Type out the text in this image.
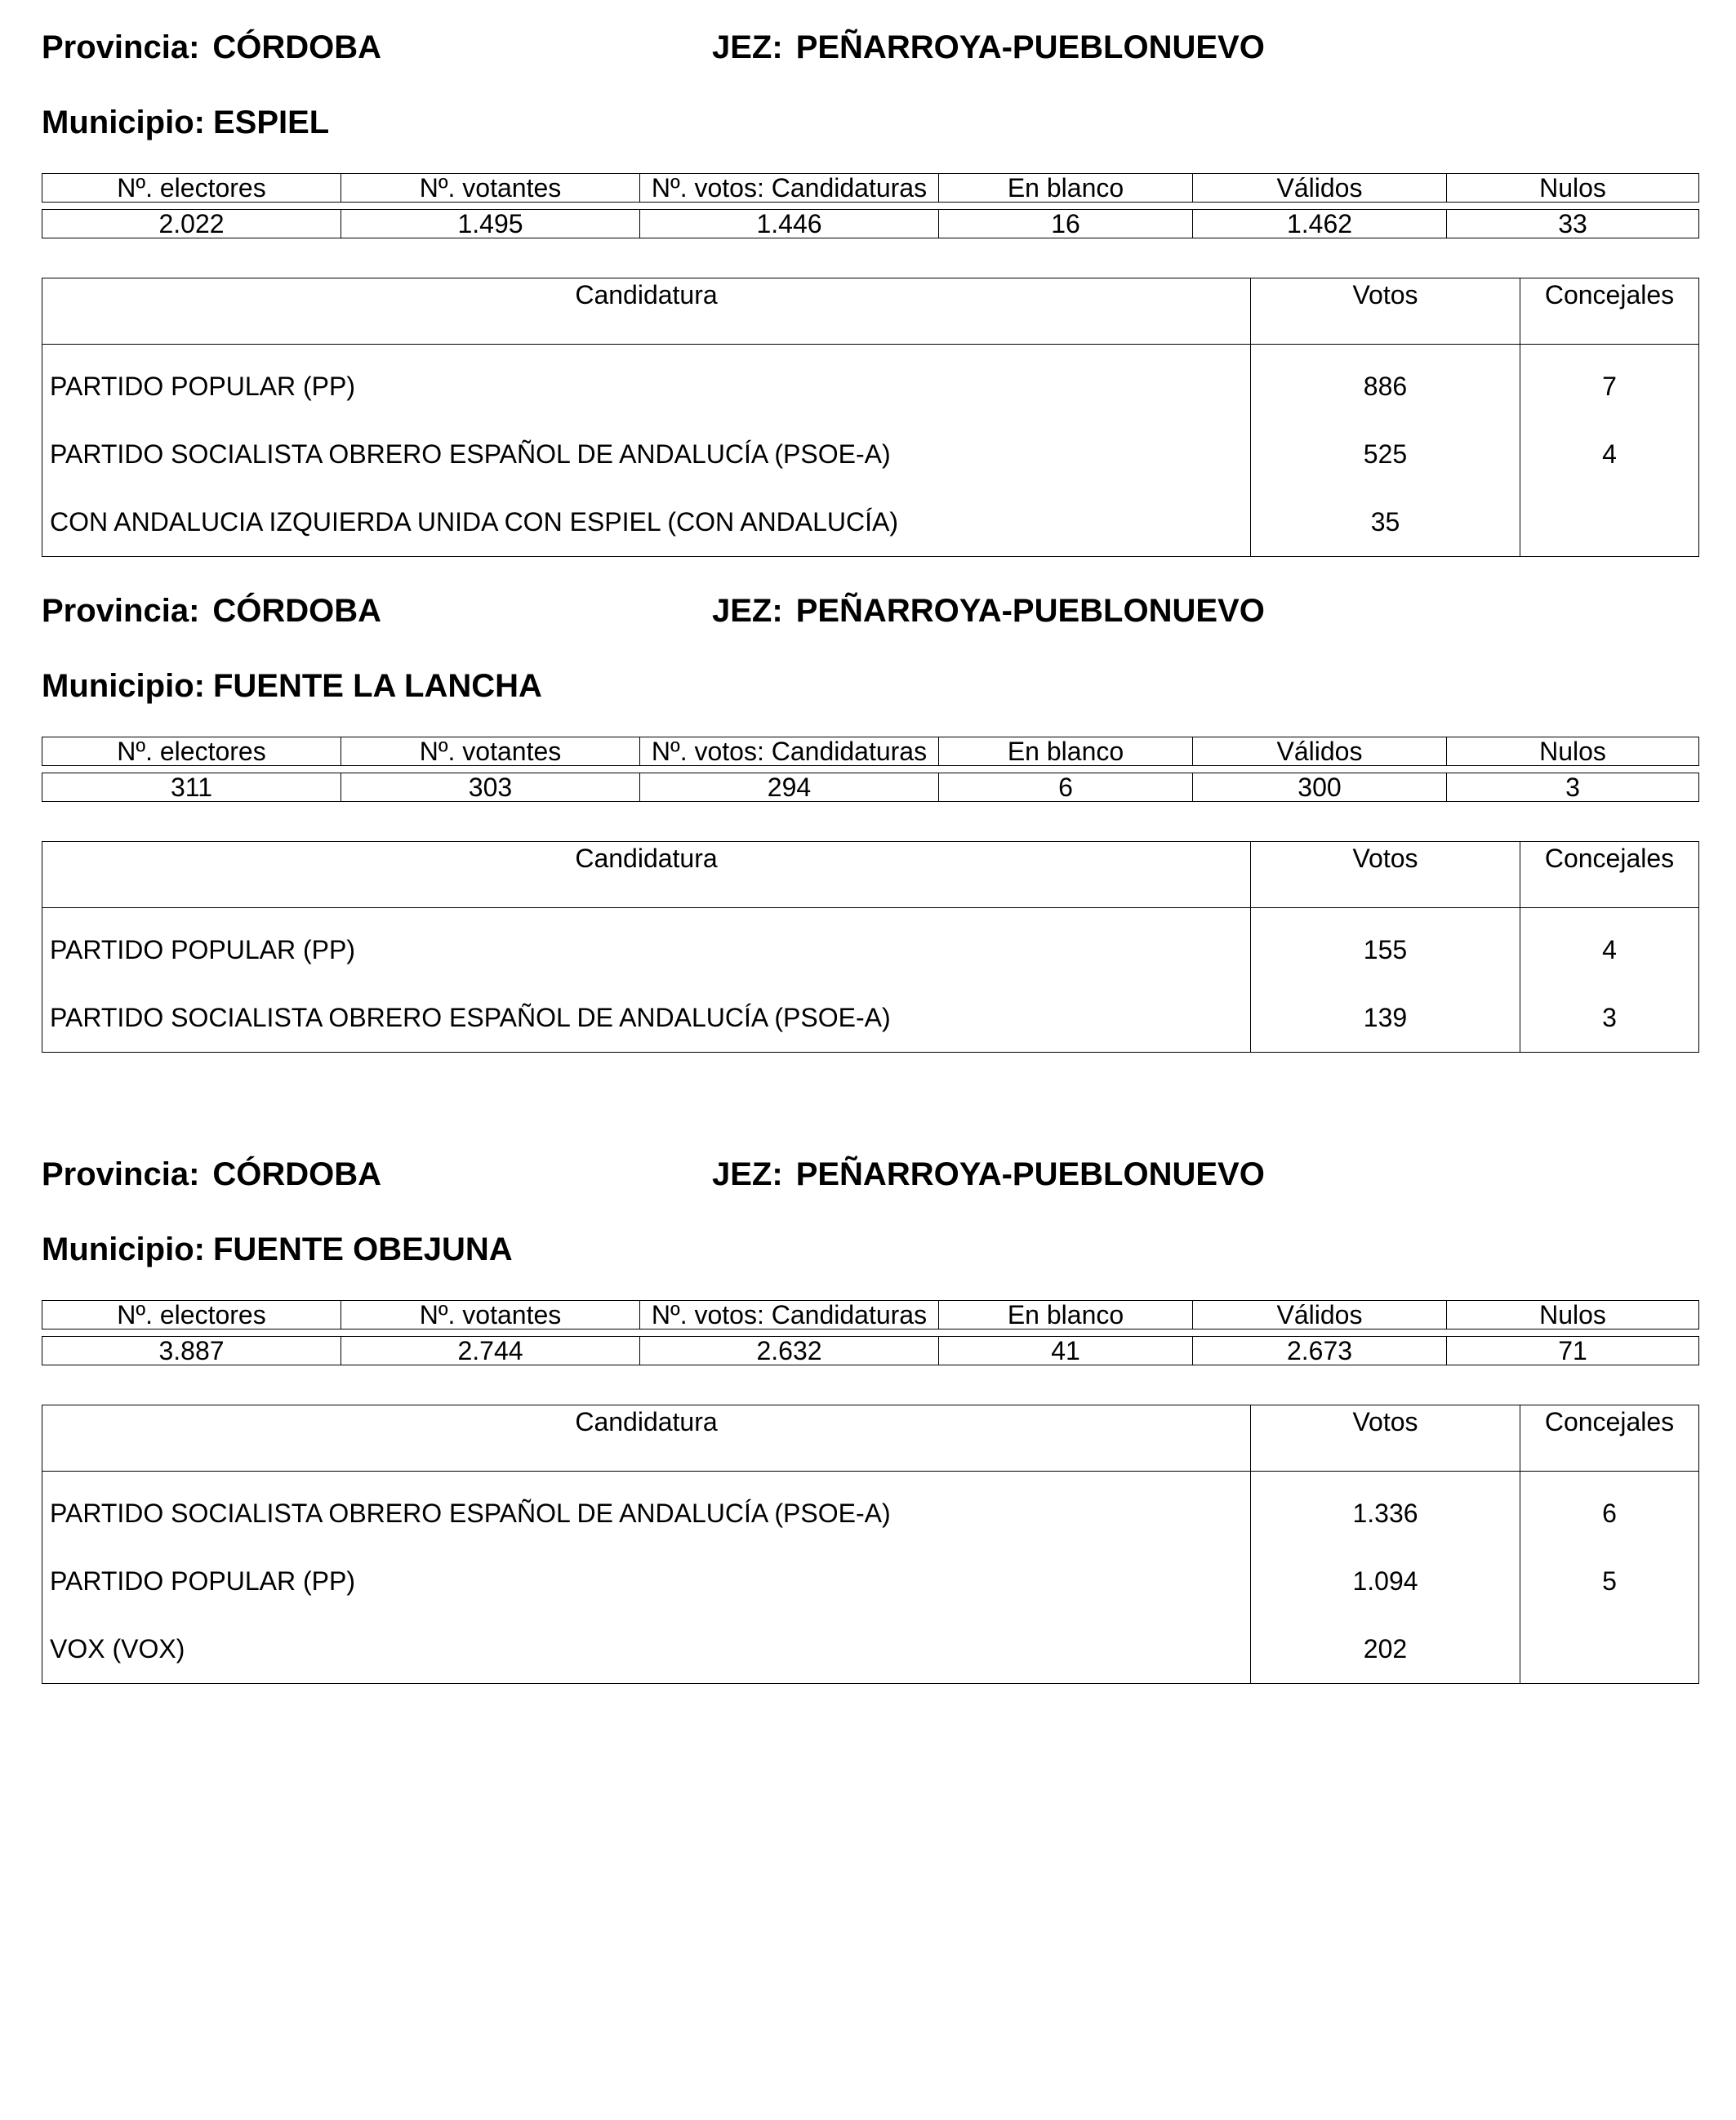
Provincia: CÓRDOBA	JEZ: PEÑARROYA-PUEBLONUEVO
Municipio: ESPIEL
Nº. electores	Nº. votantes	Nº. votos: Candidaturas	En blanco	Válidos	Nulos

2.022	1.495	1.446	16	1.462	33
Candidatura	Votos	Concejales

PARTIDO POPULAR (PP)	886	7
PARTIDO SOCIALISTA OBRERO ESPAÑOL DE ANDALUCÍA (PSOE-A)	525	4
CON ANDALUCIA IZQUIERDA UNIDA CON ESPIEL (CON ANDALUCÍA)	35	
Provincia: CÓRDOBA	JEZ: PEÑARROYA-PUEBLONUEVO
Municipio: FUENTE LA LANCHA
Nº. electores	Nº. votantes	Nº. votos: Candidaturas	En blanco	Válidos	Nulos

311	303	294	6	300	3
Candidatura	Votos	Concejales

PARTIDO POPULAR (PP)	155	4
PARTIDO SOCIALISTA OBRERO ESPAÑOL DE ANDALUCÍA (PSOE-A)	139	3
Provincia: CÓRDOBA	JEZ: PEÑARROYA-PUEBLONUEVO
Municipio: FUENTE OBEJUNA
Nº. electores	Nº. votantes	Nº. votos: Candidaturas	En blanco	Válidos	Nulos

3.887	2.744	2.632	41	2.673	71
Candidatura	Votos	Concejales

PARTIDO SOCIALISTA OBRERO ESPAÑOL DE ANDALUCÍA (PSOE-A)	1.336	6
PARTIDO POPULAR (PP)	1.094	5
VOX (VOX)	202	
